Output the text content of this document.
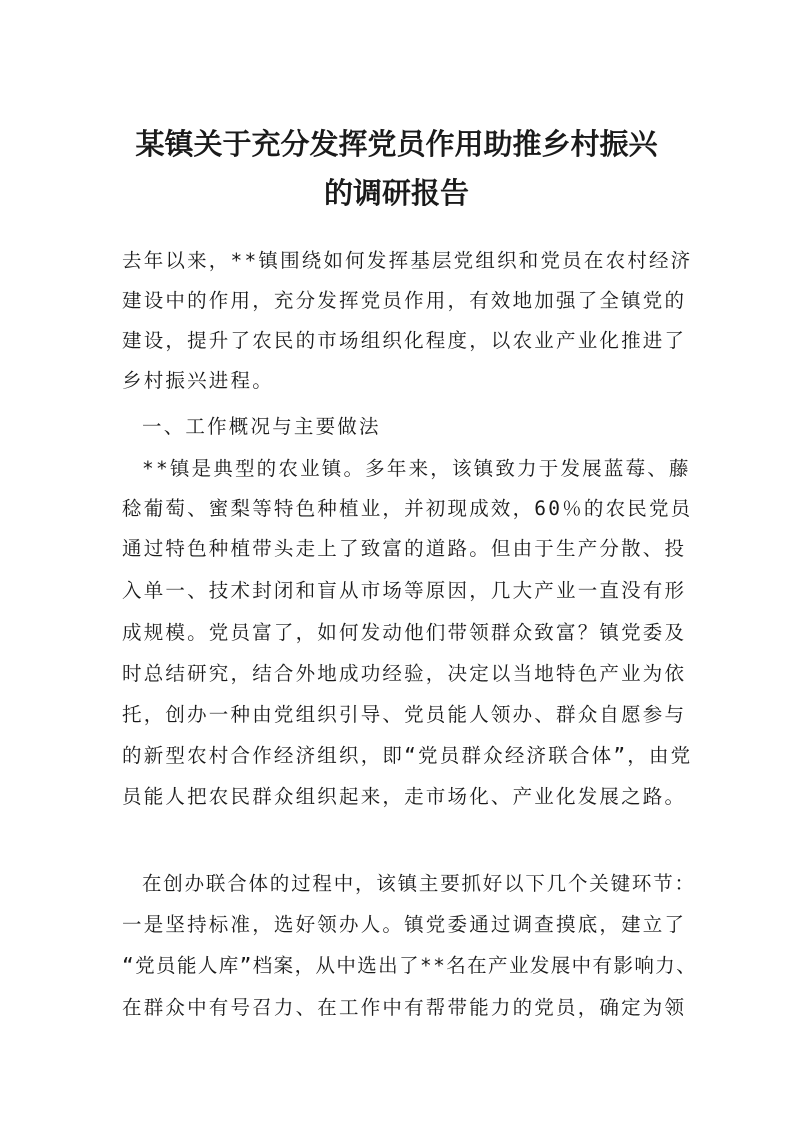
某镇关于充分发挥党员作用助推乡村振兴
的调研报告
去年以来，**镇围绕如何发挥基层党组织和党员在农村经济
建设中的作用，充分发挥党员作用，有效地加强了全镇党的
建设，提升了农民的市场组织化程度，以农业产业化推进了
乡村振兴进程。
一、工作概况与主要做法
**镇是典型的农业镇。多年来，该镇致力于发展蓝莓、藤
稔葡萄、蜜梨等特色种植业，并初现成效，60％的农民党员
通过特色种植带头走上了致富的道路。但由于生产分散、投
入单一、技术封闭和盲从市场等原因，几大产业一直没有形
成规模。党员富了，如何发动他们带领群众致富？镇党委及
时总结研究，结合外地成功经验，决定以当地特色产业为依
托，创办一种由党组织引导、党员能人领办、群众自愿参与
的新型农村合作经济组织，即“党员群众经济联合体”，由党
员能人把农民群众组织起来，走市场化、产业化发展之路。
在创办联合体的过程中，该镇主要抓好以下几个关键环节：
一是坚持标准，选好领办人。镇党委通过调查摸底，建立了
“党员能人库”档案，从中选出了**名在产业发展中有影响力、
在群众中有号召力、在工作中有帮带能力的党员，确定为领
